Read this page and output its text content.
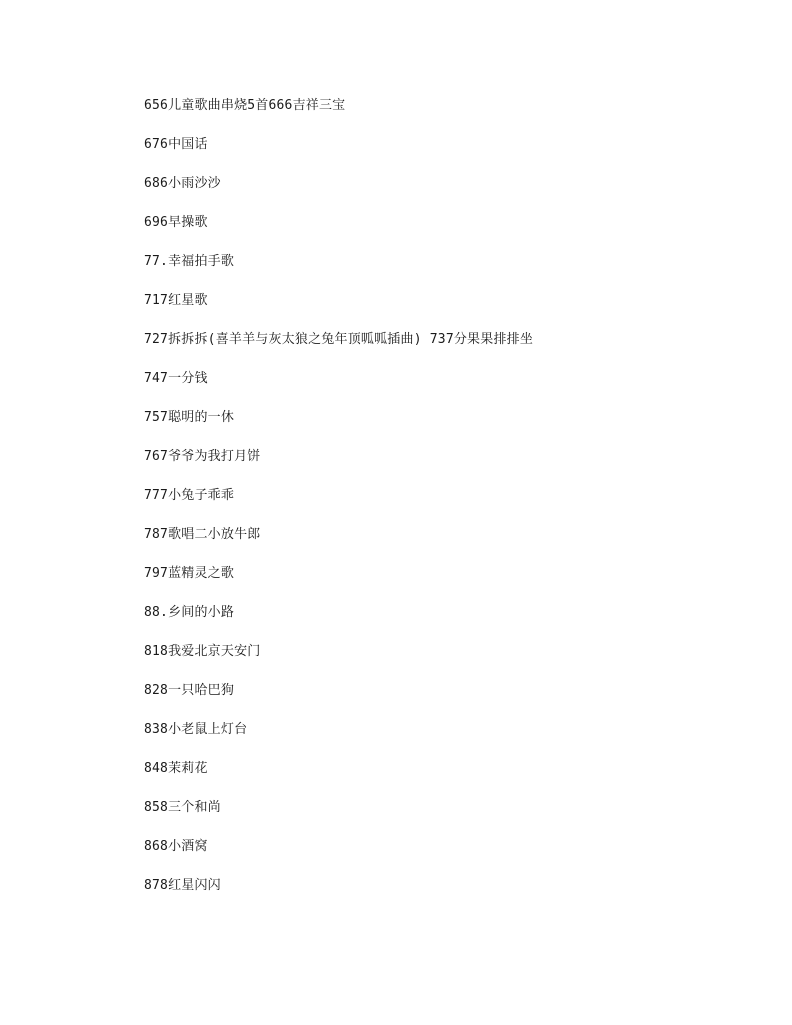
656儿童歌曲串烧5首666吉祥三宝
676中国话
686小雨沙沙
696早操歌
77.幸福拍手歌
717红星歌
727拆拆拆(喜羊羊与灰太狼之兔年顶呱呱插曲) 737分果果排排坐
747一分钱
757聪明的一休
767爷爷为我打月饼
777小兔子乖乖
787歌唱二小放牛郎
797蓝精灵之歌
88.乡间的小路
818我爱北京天安门
828一只哈巴狗
838小老鼠上灯台
848茉莉花
858三个和尚
868小酒窝
878红星闪闪
